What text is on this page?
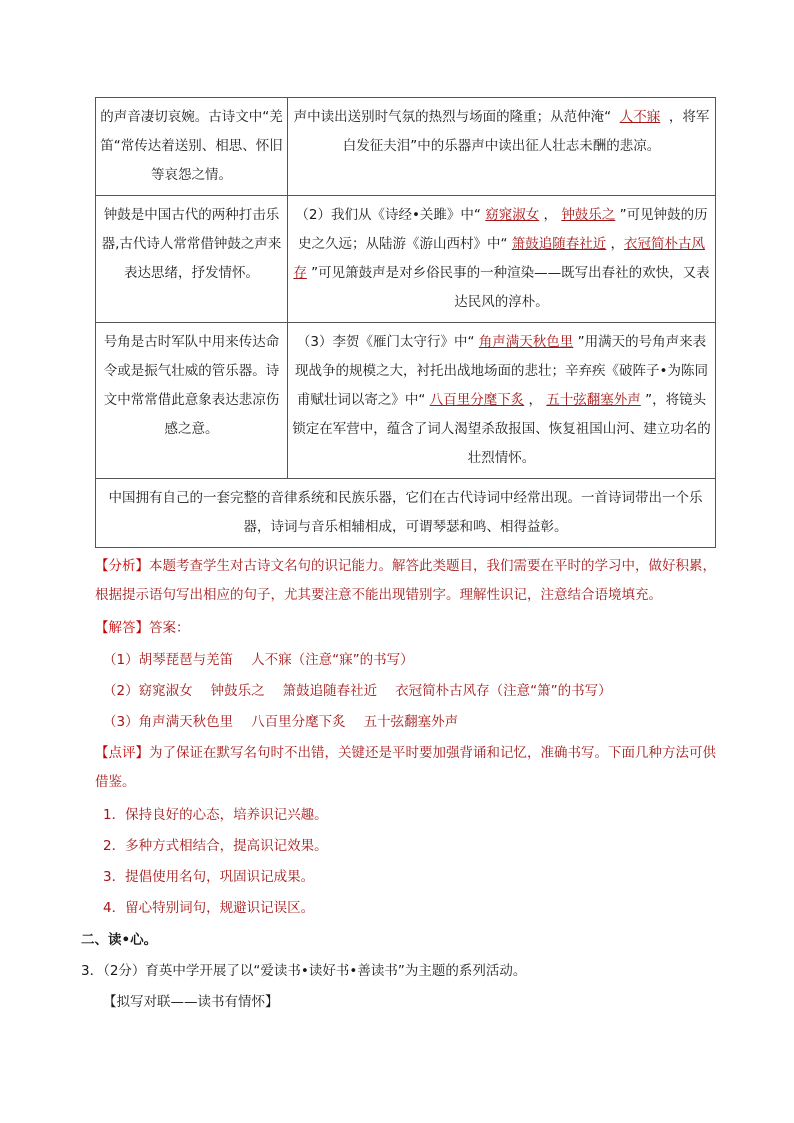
的声音凄切哀婉。古诗文中“羌笛“常传达着送别、相思、怀旧等哀怨之情。	声中读出送别时气氛的热烈与场面的隆重；从范仲淹“ 人不寐 ，将军白发征夫泪”中的乐器声中读出征人壮志未酬的悲凉。
钟鼓是中国古代的两种打击乐器,古代诗人常常借钟鼓之声来表达思绪，抒发情怀。	（2）我们从《诗经•关雎》中“ 窈窕淑女 ， 钟鼓乐之 ”可见钟鼓的历史之久远；从陆游《游山西村》中“ 箫鼓追随春社近 ，衣冠简朴古风存 ”可见箫鼓声是对乡俗民事的一种渲染——既写出春社的欢快，又表达民风的淳朴。
号角是古时军队中用来传达命令或是振气壮威的管乐器。诗文中常常借此意象表达悲凉伤感之意。	（3）李贺《雁门太守行》中“ 角声满天秋色里 ”用满天的号角声来表现战争的规模之大，衬托出战地场面的悲壮；辛弃疾《破阵子•为陈同甫赋壮词以寄之》中“ 八百里分麾下炙 ， 五十弦翻塞外声 ”，将镜头锁定在军营中，蕴含了词人渴望杀敌报国、恢复祖国山河、建立功名的壮烈情怀。
中国拥有自己的一套完整的音律系统和民族乐器，它们在古代诗词中经常出现。一首诗词带出一个乐器，诗词与音乐相辅相成，可谓琴瑟和鸣、相得益彰。	
【分析】本题考查学生对古诗文名句的识记能力。解答此类题目，我们需要在平时的学习中，做好积累，根据提示语句写出相应的句子，尤其要注意不能出现错别字。理解性识记，注意结合语境填充。
【解答】答案：
（1）胡琴琵琶与羌笛 人不寐（注意“寐”的书写）
（2）窈窕淑女 钟鼓乐之 箫鼓追随春社近 衣冠简朴古风存（注意“箫”的书写）
（3）角声满天秋色里 八百里分麾下炙 五十弦翻塞外声
【点评】为了保证在默写名句时不出错，关键还是平时要加强背诵和记忆，准确书写。下面几种方法可供借鉴。
1．保持良好的心态，培养识记兴趣。
2．多种方式相结合，提高识记效果。
3．提倡使用名句，巩固识记成果。
4．留心特别词句，规避识记误区。
二、读•心。
3．（2分）育英中学开展了以“爱读书•读好书•善读书”为主题的系列活动。
【拟写对联——读书有情怀】
